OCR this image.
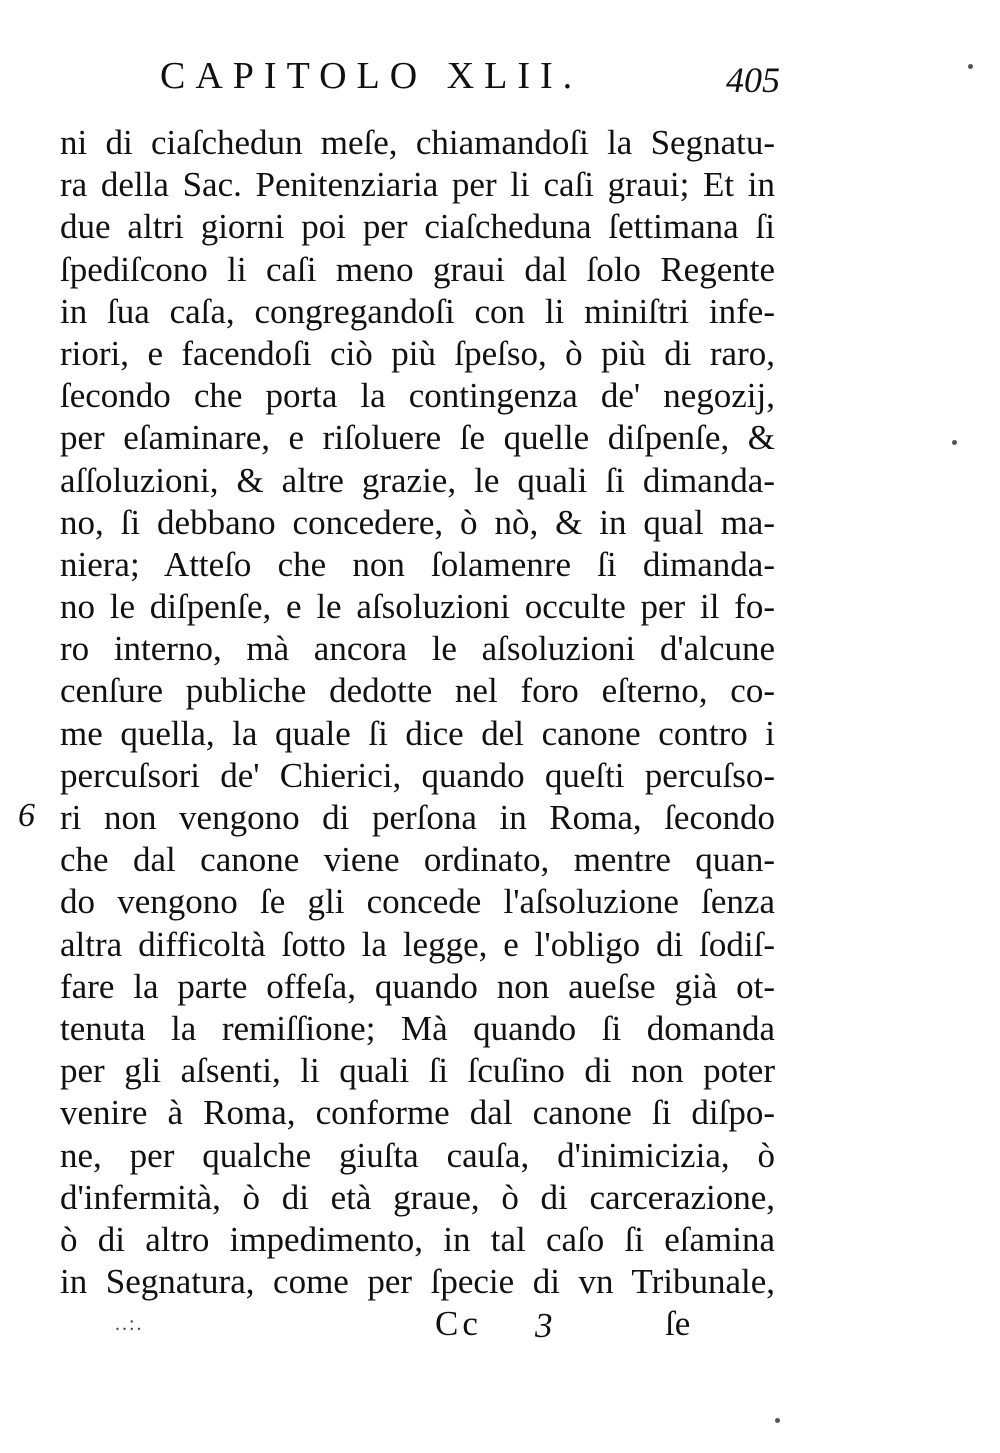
CAPITOLO XLII.	405
ni di ciaſchedun meſe, chiamandoſi la Segnatu-
ra della Sac. Penitenziaria per li caſi graui; Et in
due altri giorni poi per ciaſcheduna ſettimana ſi
ſpediſcono li caſi meno graui dal ſolo Regente
in ſua caſa, congregandoſi con li miniſtri infe-
riori, e facendoſi ciò più ſpeſso, ò più di raro,
ſecondo che porta la contingenza de' negozij,
per eſaminare, e riſoluere ſe quelle diſpenſe, &
aſſoluzioni, & altre grazie, le quali ſi dimanda-
no, ſi debbano concedere, ò nò, & in qual ma-
niera; Atteſo che non ſolamenre ſi dimanda-
no le diſpenſe, e le aſsoluzioni occulte per il fo-
ro interno, mà ancora le aſsoluzioni d'alcune
cenſure publiche dedotte nel foro eſterno, co-
me quella, la quale ſi dice del canone contro i
percuſsori de' Chierici, quando queſti percuſso-
ri non vengono di perſona in Roma, ſecondo
che dal canone viene ordinato, mentre quan-
do vengono ſe gli concede l'aſsoluzione ſenza
altra difficoltà ſotto la legge, e l'obligo di ſodiſ-
fare la parte offeſa, quando non aueſse già ot-
tenuta la remiſſione; Mà quando ſi domanda
per gli aſsenti, li quali ſi ſcuſino di non poter
venire à Roma, conforme dal canone ſi diſpo-
ne, per qualche giuſta cauſa, d'inimicizia, ò
d'infermità, ò di età graue, ò di carcerazione,
ò di altro impedimento, in tal caſo ſi eſamina
in Segnatura, come per ſpecie di vn Tribunale,
6
..:.	Cc 3	ſe
